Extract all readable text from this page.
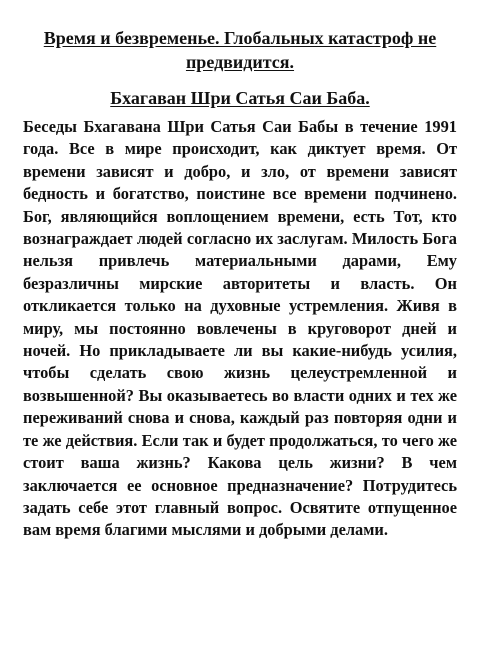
Время и безвременье. Глобальных катастроф не предвидится.
Бхагаван Шри Сатья Саи Баба.

Беседы Бхагавана Шри Сатья Саи Бабы в течение 1991 года. Все в мире происходит, как диктует время. От времени зависят и добро, и зло, от времени зависят бедность и богатство, поистине все времени подчинено. Бог, являющийся воплощением времени, есть Тот, кто вознаграждает людей согласно их заслугам. Милость Бога нельзя привлечь материальными дарами, Ему безразличны мирские авторитеты и власть. Он откликается только на духовные устремления. Живя в миру, мы постоянно вовлечены в круговорот дней и ночей. Но прикладываете ли вы какие-нибудь усилия, чтобы сделать свою жизнь целеустремленной и возвышенной? Вы оказываетесь во власти одних и тех же переживаний снова и снова, каждый раз повторяя одни и те же действия. Если так и будет продолжаться, то чего же стоит ваша жизнь? Какова цель жизни? В чем заключается ее основное предназначение? Потрудитесь задать себе этот главный вопрос. Освятите отпущенное вам время благими мыслями и добрыми делами.
